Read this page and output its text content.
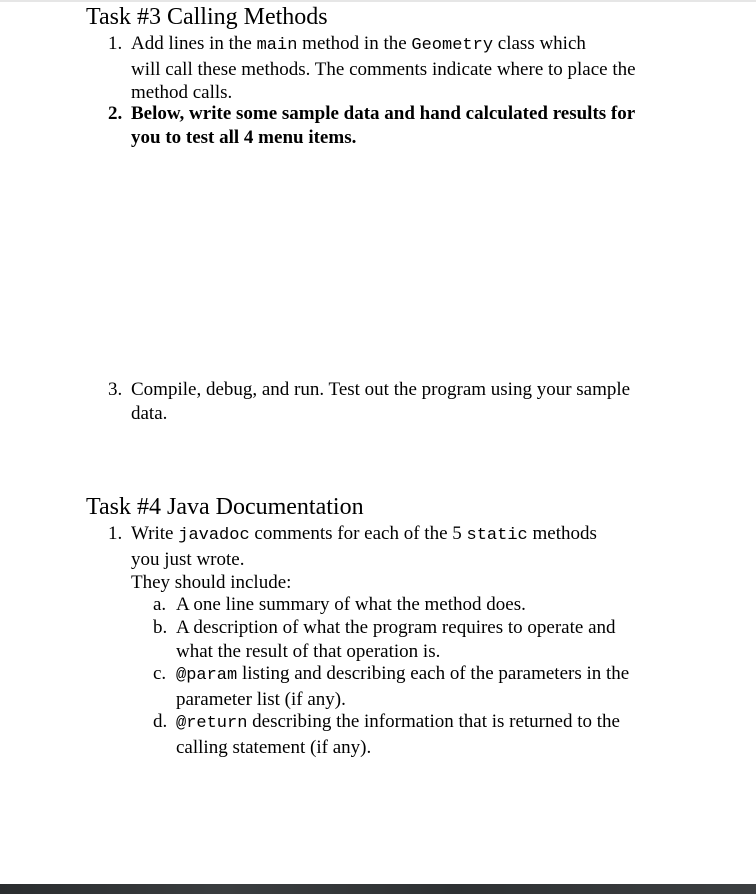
Task #3 Calling Methods
1. Add lines in the main method in the Geometry class which
will call these methods. The comments indicate where to place the
method calls.
2. Below, write some sample data and hand calculated results for
you to test all 4 menu items.
3. Compile, debug, and run. Test out the program using your sample
data.
Task #4 Java Documentation
1. Write javadoc comments for each of the 5 static methods
you just wrote.
They should include:
a. A one line summary of what the method does.
b. A description of what the program requires to operate and
what the result of that operation is.
c. @param listing and describing each of the parameters in the
parameter list (if any).
d. @return describing the information that is returned to the
calling statement (if any).
